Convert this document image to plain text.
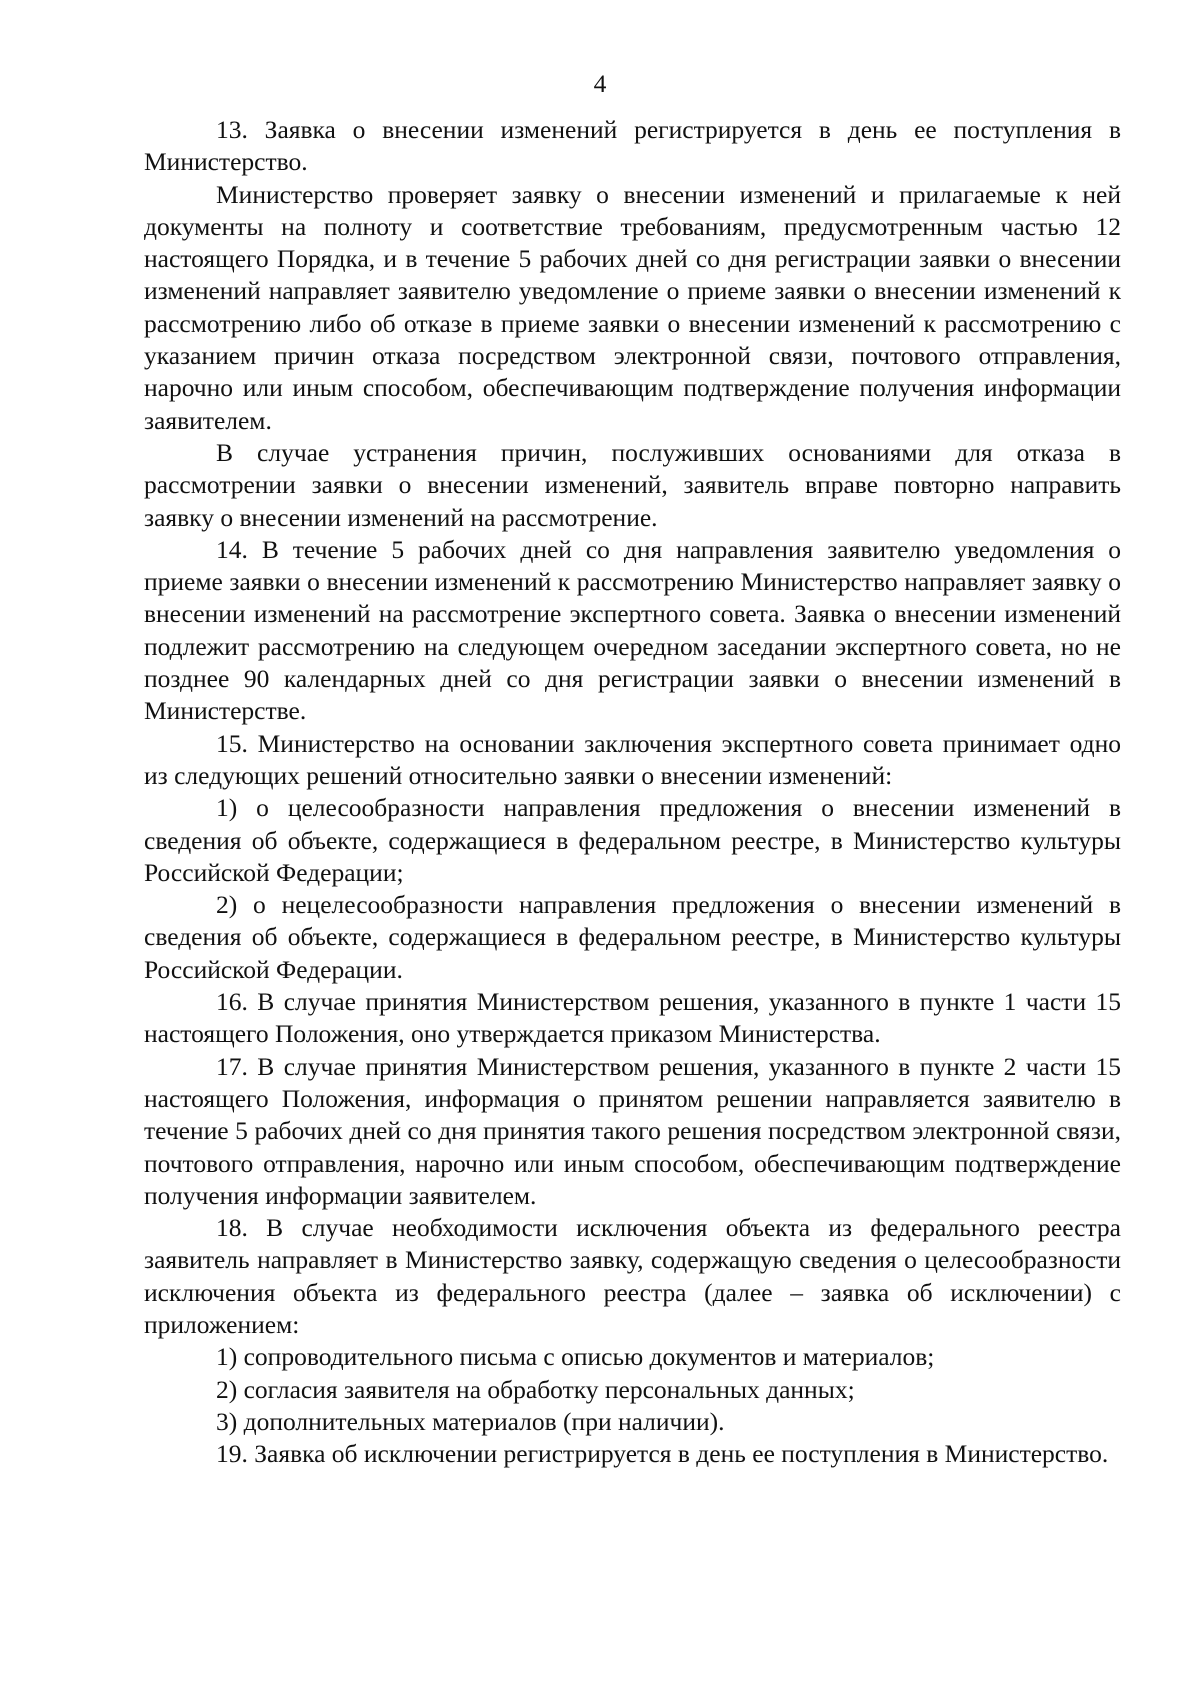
4

13. Заявка о внесении изменений регистрируется в день ее поступления в Министерство.

Министерство проверяет заявку о внесении изменений и прилагаемые к ней документы на полноту и соответствие требованиям, предусмотренным частью 12 настоящего Порядка, и в течение 5 рабочих дней со дня регистрации заявки о внесении изменений направляет заявителю уведомление о приеме заявки о внесении изменений к рассмотрению либо об отказе в приеме заявки о внесении изменений к рассмотрению с указанием причин отказа посредством электронной связи, почтового отправления, нарочно или иным способом, обеспечивающим подтверждение получения информации заявителем.

В случае устранения причин, послуживших основаниями для отказа в рассмотрении заявки о внесении изменений, заявитель вправе повторно направить заявку о внесении изменений на рассмотрение.

14. В течение 5 рабочих дней со дня направления заявителю уведомления о приеме заявки о внесении изменений к рассмотрению Министерство направляет заявку о внесении изменений на рассмотрение экспертного совета. Заявка о внесении изменений подлежит рассмотрению на следующем очередном заседании экспертного совета, но не позднее 90 календарных дней со дня регистрации заявки о внесении изменений в Министерстве.

15. Министерство на основании заключения экспертного совета принимает одно из следующих решений относительно заявки о внесении изменений:

1) о целесообразности направления предложения о внесении изменений в сведения об объекте, содержащиеся в федеральном реестре, в Министерство культуры Российской Федерации;

2) о нецелесообразности направления предложения о внесении изменений в сведения об объекте, содержащиеся в федеральном реестре, в Министерство культуры Российской Федерации.

16. В случае принятия Министерством решения, указанного в пункте 1 части 15 настоящего Положения, оно утверждается приказом Министерства.

17. В случае принятия Министерством решения, указанного в пункте 2 части 15 настоящего Положения, информация о принятом решении направляется заявителю в течение 5 рабочих дней со дня принятия такого решения посредством электронной связи, почтового отправления, нарочно или иным способом, обеспечивающим подтверждение получения информации заявителем.

18. В случае необходимости исключения объекта из федерального реестра заявитель направляет в Министерство заявку, содержащую сведения о целесообразности исключения объекта из федерального реестра (далее – заявка об исключении) с приложением:

1) сопроводительного письма с описью документов и материалов;

2) согласия заявителя на обработку персональных данных;

3) дополнительных материалов (при наличии).

19. Заявка об исключении регистрируется в день ее поступления в Министерство.
